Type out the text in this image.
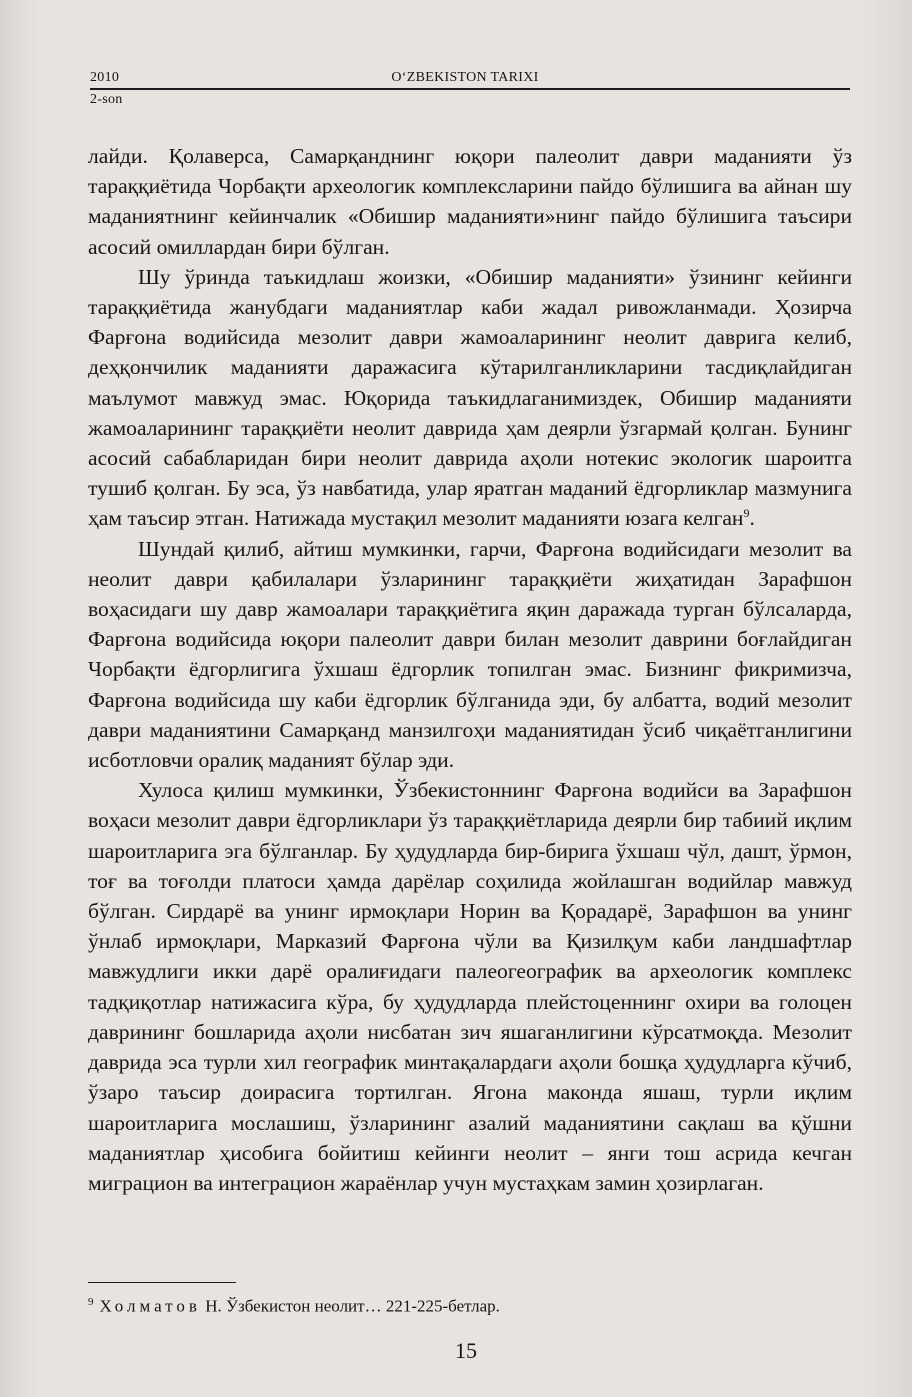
2010	O‘ZBEKISTON TARIXI
2-son

лайди. Қолаверса, Самарқанднинг юқори палеолит даври маданияти ўз тараққиётида Чорбақти археологик комплексларини пайдо бўлишига ва айнан шу маданиятнинг кейинчалик «Обишир маданияти»нинг пайдо бўлишига таъсири асосий омиллардан бири бўлган.

Шу ўринда таъкидлаш жоизки, «Обишир маданияти» ўзининг кейинги тараққиётида жанубдаги маданиятлар каби жадал ривожланмади. Ҳозирча Фарғона водийсида мезолит даври жамоаларининг неолит даврига келиб, деҳқончилик маданияти даражасига кўтарилганликларини тасдиқлайдиган маълумот мавжуд эмас. Юқорида таъкидлаганимиздек, Обишир маданияти жамоаларининг тараққиёти неолит даврида ҳам деярли ўзгармай қолган. Бунинг асосий сабабларидан бири неолит даврида аҳоли нотекис экологик шароитга тушиб қолган. Бу эса, ўз навбатида, улар яратган маданий ёдгорликлар мазмунига ҳам таъсир этган. Натижада мустақил мезолит маданияти юзага келган$^9$.

Шундай қилиб, айтиш мумкинки, гарчи, Фарғона водийсидаги мезолит ва неолит даври қабилалари ўзларининг тараққиёти жиҳатидан Зарафшон воҳасидаги шу давр жамоалари тараққиётига яқин даражада турган бўлсаларда, Фарғона водийсида юқори палеолит даври билан мезолит даврини боғлайдиган Чорбақти ёдгорлигига ўхшаш ёдгорлик топилган эмас. Бизнинг фикримизча, Фарғона водийсида шу каби ёдгорлик бўлганида эди, бу албатта, водий мезолит даври маданиятини Самарқанд манзилгоҳи маданиятидан ўсиб чиқаётганлигини исботловчи оралиқ маданият бўлар эди.

Хулоса қилиш мумкинки, Ўзбекистоннинг Фарғона водийси ва Зарафшон воҳаси мезолит даври ёдгорликлари ўз тараққиётларида деярли бир табиий иқлим шароитларига эга бўлганлар. Бу ҳудудларда бир-бирига ўхшаш чўл, дашт, ўрмон, тоғ ва тоғолди платоси ҳамда дарёлар соҳилида жойлашган водийлар мавжуд бўлган. Сирдарё ва унинг ирмоқлари Норин ва Қорадарё, Зарафшон ва унинг ўнлаб ирмоқлари, Марказий Фарғона чўли ва Қизилқум каби ландшафтлар мавжудлиги икки дарё оралиғидаги палеогеографик ва археологик комплекс тадқиқотлар натижасига кўра, бу ҳудудларда плейстоценнинг охири ва голоцен даврининг бошларида аҳоли нисбатан зич яшаганлигини кўрсатмоқда. Мезолит даврида эса турли хил географик минтақалардаги аҳоли бошқа ҳудудларга кўчиб, ўзаро таъсир доирасига тортилган. Ягона маконда яшаш, турли иқлим шароитларига мослашиш, ўзларининг азалий маданиятини сақлаш ва қўшни маданиятлар ҳисобига бойитиш кейинги неолит – янги тош асрида кечган миграцион ва интеграцион жараёнлар учун мустаҳкам замин ҳозирлаган.

$^9$ Холматов Н. Ўзбекистон неолит… 221-225-бетлар.
15
